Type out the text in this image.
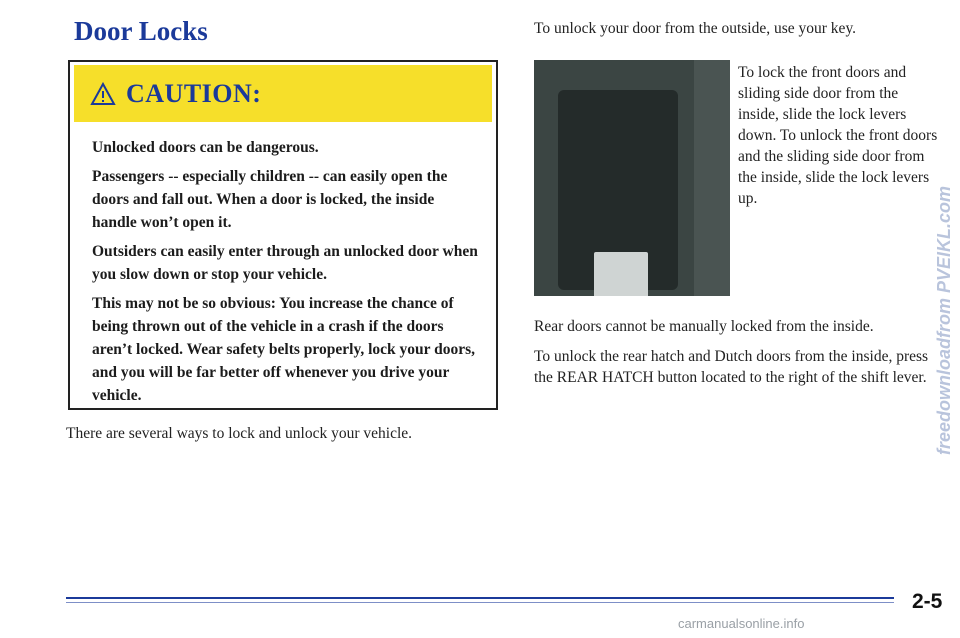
Door Locks
CAUTION:

Unlocked doors can be dangerous.

Passengers -- especially children -- can easily open the doors and fall out. When a door is locked, the inside handle won’t open it.

Outsiders can easily enter through an unlocked door when you slow down or stop your vehicle.

This may not be so obvious: You increase the chance of being thrown out of the vehicle in a crash if the doors aren’t locked. Wear safety belts properly, lock your doors, and you will be far better off whenever you drive your vehicle.

There are several ways to lock and unlock your vehicle.
To unlock your door from the outside, use your key.
To lock the front doors and sliding side door from the inside, slide the lock levers down. To unlock the front doors and the sliding side door from the inside, slide the lock levers up.
Rear doors cannot be manually locked from the inside.
To unlock the rear hatch and Dutch doors from the inside, press the REAR HATCH button located to the right of the shift lever.
2-5
freedownloadfrom PVEIKL.com
carmanualsonline.info
